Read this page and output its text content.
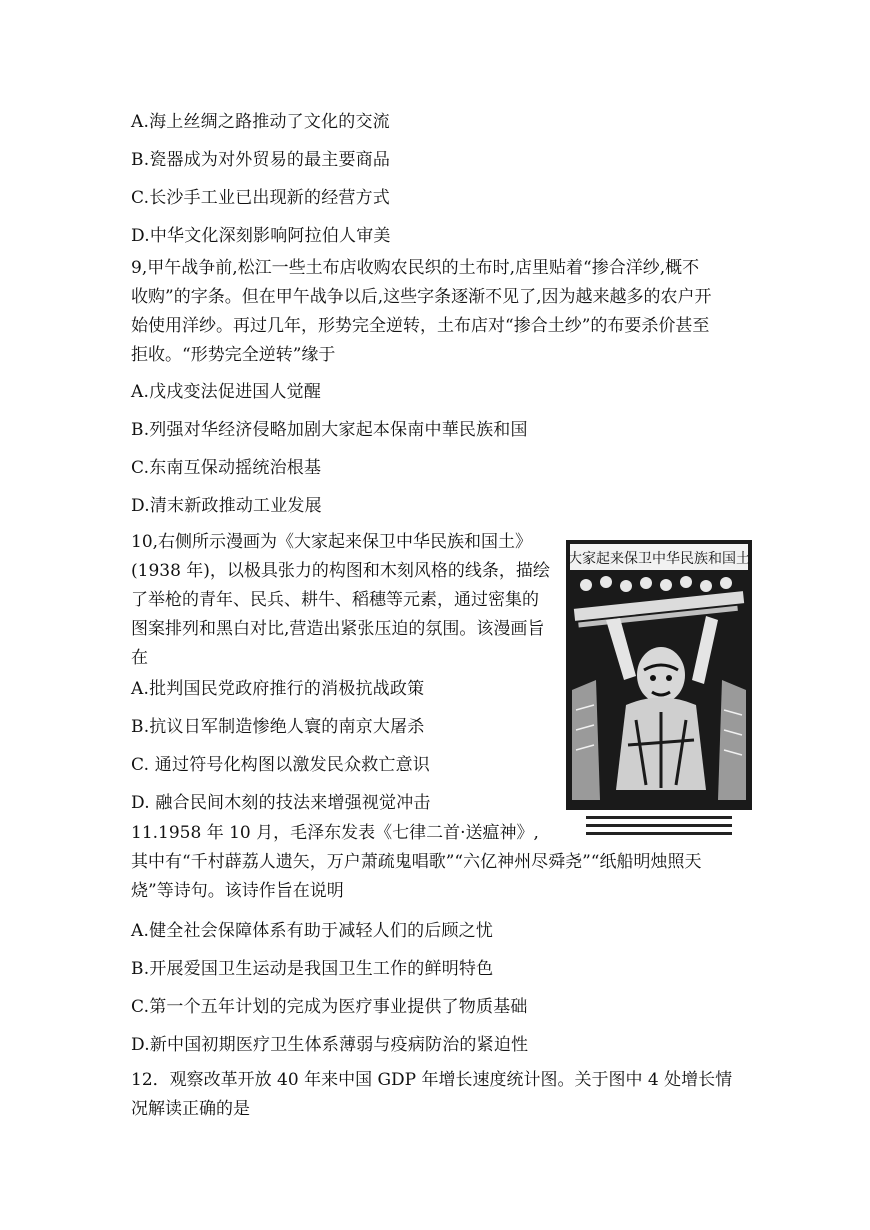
A.海上丝绸之路推动了文化的交流
B.瓷器成为对外贸易的最主要商品
C.长沙手工业已出现新的经营方式
D.中华文化深刻影响阿拉伯人审美
9,甲午战争前,松江一些土布店收购农民织的土布时,店里贴着“掺合洋纱,概不
收购”的字条。但在甲午战争以后,这些字条逐渐不见了,因为越来越多的农户开
始使用洋纱。再过几年，形势完全逆转，土布店对“掺合土纱”的布要杀价甚至
拒收。“形势完全逆转”缘于
A.戊戌变法促进国人觉醒
B.列强对华经济侵略加剧大家起本保南中華民族和国
C.东南互保动摇统治根基
D.清末新政推动工业发展
10,右侧所示漫画为《大家起来保卫中华民族和国土》
(1938 年)，以极具张力的构图和木刻风格的线条，描绘
了举枪的青年、民兵、耕牛、稻穗等元素，通过密集的
图案排列和黑白对比,营造出紧张压迫的氛围。该漫画旨
在
A.批判国民党政府推行的消极抗战政策
B.抗议日军制造惨绝人寰的南京大屠杀
C. 通过符号化构图以激发民众救亡意识
D. 融合民间木刻的技法来增强视觉冲击
大家起来保卫中华民族和国土
11.1958 年 10 月，毛泽东发表《七律二首·送瘟神》,
其中有“千村薜荔人遗矢，万户萧疏鬼唱歌”“六亿神州尽舜尧”“纸船明烛照天
烧”等诗句。该诗作旨在说明
A.健全社会保障体系有助于减轻人们的后顾之忧
B.开展爱国卫生运动是我国卫生工作的鲜明特色
C.第一个五年计划的完成为医疗事业提供了物质基础
D.新中国初期医疗卫生体系薄弱与疫病防治的紧迫性
12．观察改革开放 40 年来中国 GDP 年增长速度统计图。关于图中 4 处增长情
况解读正确的是
